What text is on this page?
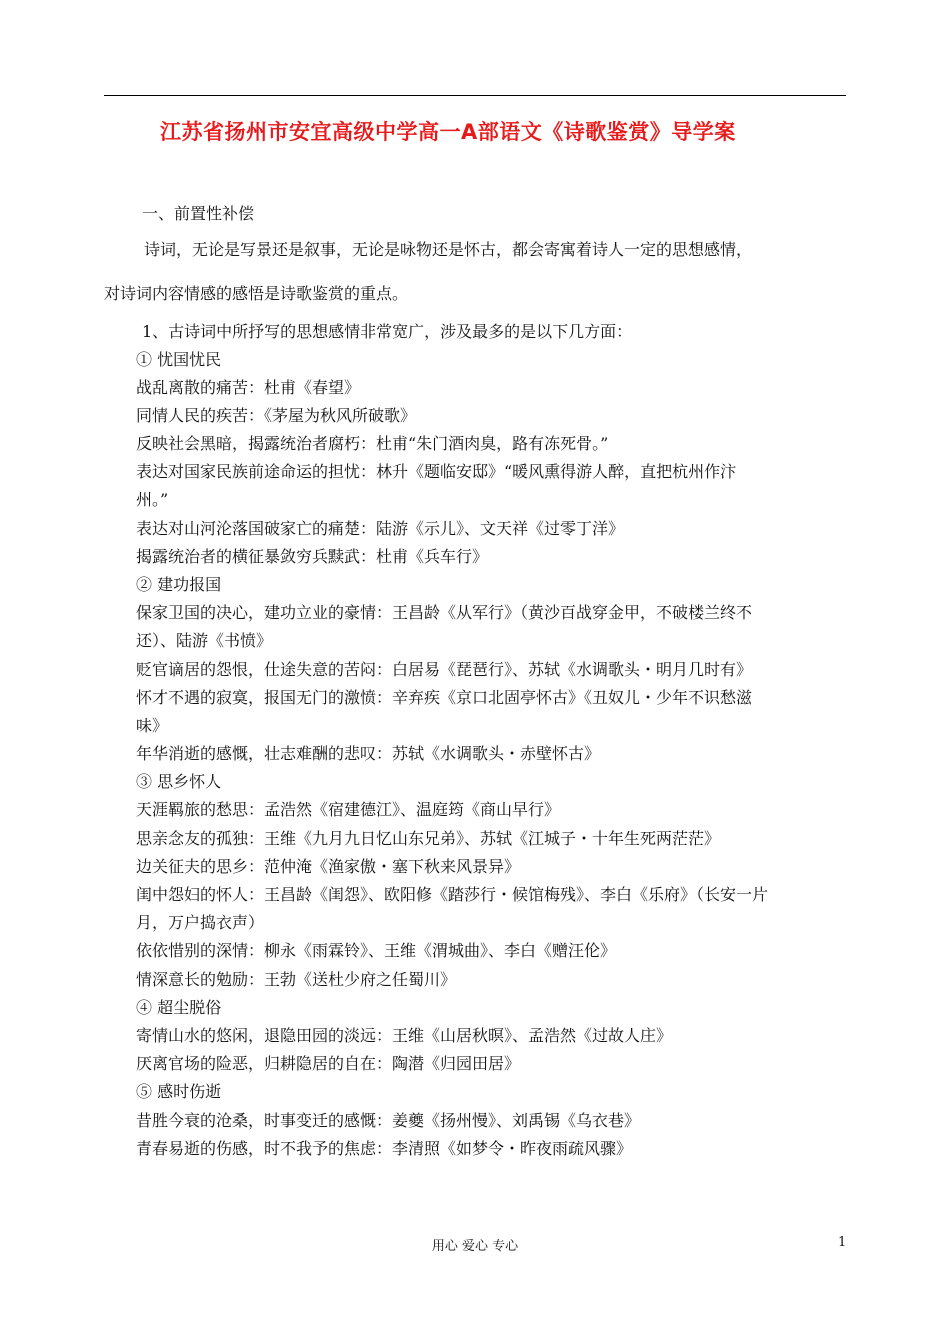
江苏省扬州市安宜高级中学高一A部语文《诗歌鉴赏》导学案
一、前置性补偿
诗词，无论是写景还是叙事，无论是咏物还是怀古，都会寄寓着诗人一定的思想感情，
对诗词内容情感的感悟是诗歌鉴赏的重点。
1、古诗词中所抒写的思想感情非常宽广，涉及最多的是以下几方面：
① 忧国忧民
战乱离散的痛苦：杜甫《春望》
同情人民的疾苦：《茅屋为秋风所破歌》
反映社会黑暗，揭露统治者腐朽：杜甫“朱门酒肉臭，路有冻死骨。”
表达对国家民族前途命运的担忧：林升《题临安邸》“暖风熏得游人醉，直把杭州作汴
州。”
表达对山河沦落国破家亡的痛楚：陆游《示儿》、文天祥《过零丁洋》
揭露统治者的横征暴敛穷兵黩武：杜甫《兵车行》
② 建功报国
保家卫国的决心，建功立业的豪情：王昌龄《从军行》（黄沙百战穿金甲，不破楼兰终不
还）、陆游《书愤》
贬官谪居的怨恨，仕途失意的苦闷：白居易《琵琶行》、苏轼《水调歌头・明月几时有》
怀才不遇的寂寞，报国无门的激愤：辛弃疾《京口北固亭怀古》《丑奴儿・少年不识愁滋
味》
年华消逝的感慨，壮志难酬的悲叹：苏轼《水调歌头・赤壁怀古》
③ 思乡怀人
天涯羁旅的愁思：孟浩然《宿建德江》、温庭筠《商山早行》
思亲念友的孤独：王维《九月九日忆山东兄弟》、苏轼《江城子・十年生死两茫茫》
边关征夫的思乡：范仲淹《渔家傲・塞下秋来风景异》
闺中怨妇的怀人：王昌龄《闺怨》、欧阳修《踏莎行・候馆梅残》、李白《乐府》（长安一片
月，万户捣衣声）
依依惜别的深情：柳永《雨霖铃》、王维《渭城曲》、李白《赠汪伦》
情深意长的勉励：王勃《送杜少府之任蜀川》
④ 超尘脱俗
寄情山水的悠闲，退隐田园的淡远：王维《山居秋暝》、孟浩然《过故人庄》
厌离官场的险恶，归耕隐居的自在：陶潜《归园田居》
⑤ 感时伤逝
昔胜今衰的沧桑，时事变迁的感慨：姜夔《扬州慢》、刘禹锡《乌衣巷》
青春易逝的伤感，时不我予的焦虑：李清照《如梦令・昨夜雨疏风骤》
用心 爱心 专心	1
